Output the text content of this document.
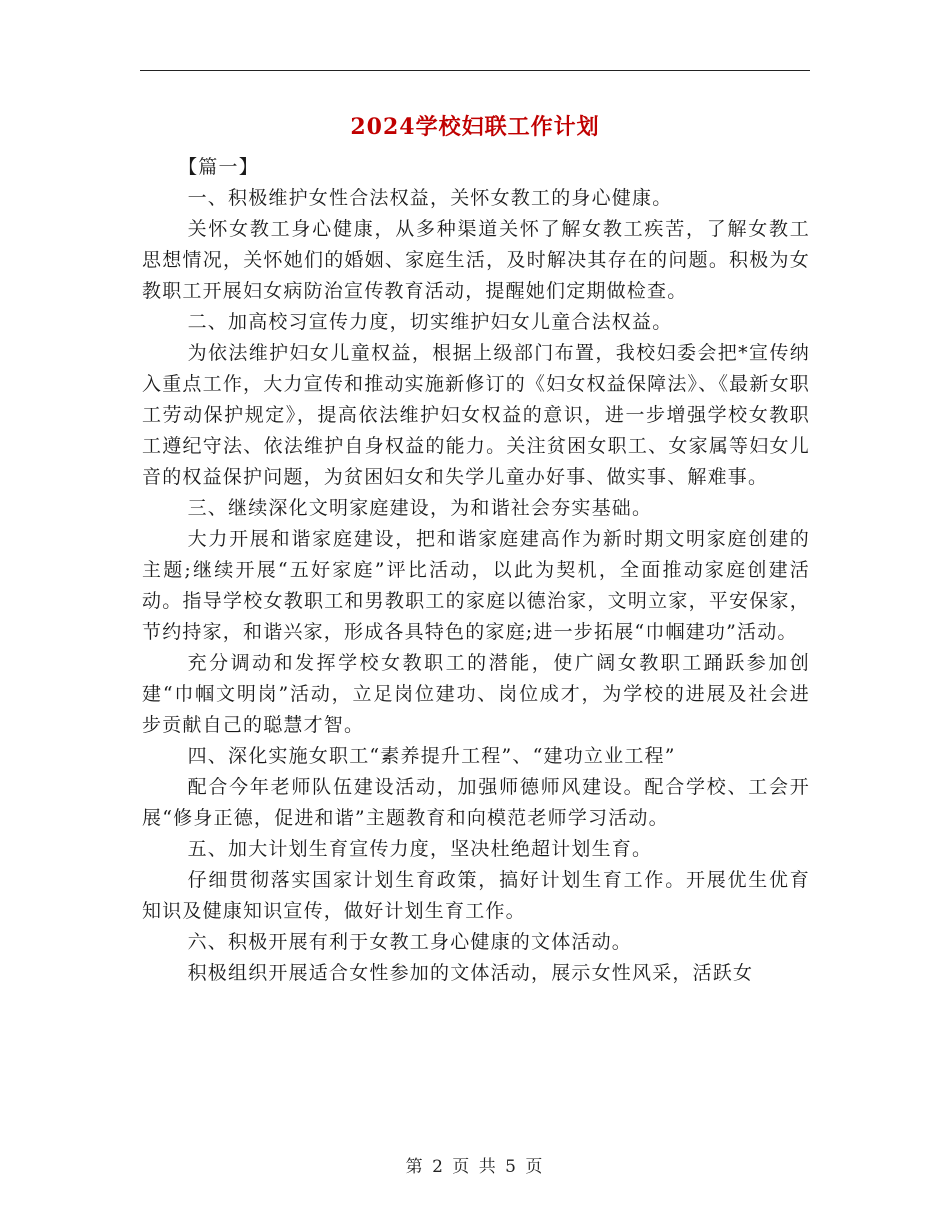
2024学校妇联工作计划

【篇一】

一、积极维护女性合法权益，关怀女教工的身心健康。

关怀女教工身心健康，从多种渠道关怀了解女教工疾苦，了解女教工思想情况，关怀她们的婚姻、家庭生活，及时解决其存在的问题。积极为女教职工开展妇女病防治宣传教育活动，提醒她们定期做检查。

二、加高校习宣传力度，切实维护妇女儿童合法权益。

为依法维护妇女儿童权益，根据上级部门布置，我校妇委会把*宣传纳入重点工作，大力宣传和推动实施新修订的《妇女权益保障法》、《最新女职工劳动保护规定》，提高依法维护妇女权益的意识，进一步增强学校女教职工遵纪守法、依法维护自身权益的能力。关注贫困女职工、女家属等妇女儿音的权益保护问题，为贫困妇女和失学儿童办好事、做实事、解难事。

三、继续深化文明家庭建设，为和谐社会夯实基础。

大力开展和谐家庭建设，把和谐家庭建高作为新时期文明家庭创建的主题;继续开展“五好家庭”评比活动，以此为契机，全面推动家庭创建活动。指导学校女教职工和男教职工的家庭以德治家，文明立家，平安保家，节约持家，和谐兴家，形成各具特色的家庭;进一步拓展“巾帼建功”活动。

充分调动和发挥学校女教职工的潜能，使广阔女教职工踊跃参加创建“巾帼文明岗”活动，立足岗位建功、岗位成才，为学校的进展及社会进步贡献自己的聪慧才智。

四、深化实施女职工“素养提升工程”、“建功立业工程”

配合今年老师队伍建设活动，加强师德师风建设。配合学校、工会开展“修身正德，促进和谐”主题教育和向模范老师学习活动。

五、加大计划生育宣传力度，坚决杜绝超计划生育。

仔细贯彻落实国家计划生育政策，搞好计划生育工作。开展优生优育知识及健康知识宣传，做好计划生育工作。

六、积极开展有利于女教工身心健康的文体活动。

积极组织开展适合女性参加的文体活动，展示女性风采，活跃女

第 2 页 共 5 页
